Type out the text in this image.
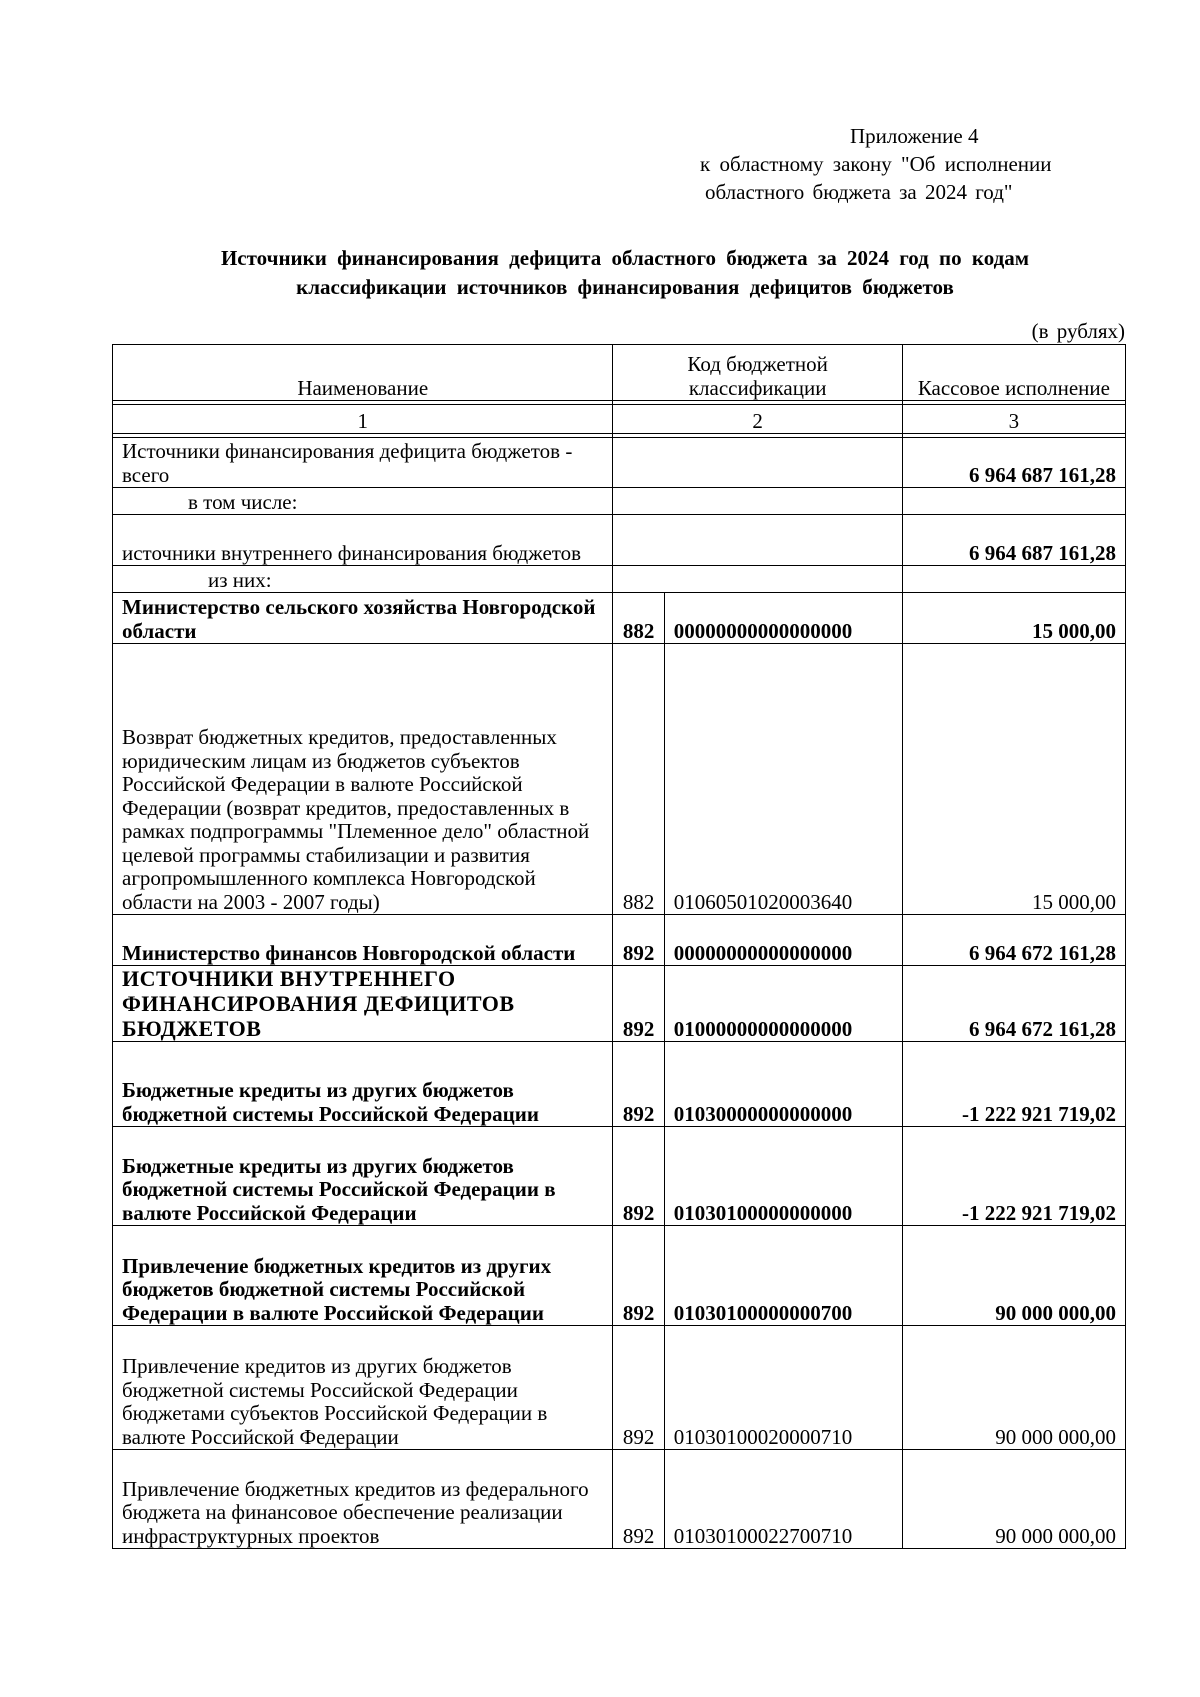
Приложение 4
к областному закону "Об исполнении
областного бюджета за 2024 год"
Источники финансирования дефицита областного бюджета за 2024 год по кодам
классификации источников финансирования дефицитов бюджетов
(в рублях)
Наименование	Код бюджетной классификации		Кассовое исполнение

1	2		3

Источники финансирования дефицита бюджетов - всего			6 964 687 161,28
в том числе:			
источники внутреннего финансирования бюджетов			6 964 687 161,28
из них:			
Министерство сельского хозяйства Новгородской области	882	00000000000000000	15 000,00
Возврат бюджетных кредитов, предоставленных юридическим лицам из бюджетов субъектов Российской Федерации в валюте Российской Федерации (возврат кредитов, предоставленных в рамках подпрограммы "Племенное дело" областной целевой программы стабилизации и развития агропромышленного комплекса Новгородской области на 2003 - 2007 годы)	882	01060501020003640	15 000,00
Министерство финансов Новгородской области	892	00000000000000000	6 964 672 161,28
ИСТОЧНИКИ ВНУТРЕННЕГО ФИНАНСИРОВАНИЯ ДЕФИЦИТОВ БЮДЖЕТОВ	892	01000000000000000	6 964 672 161,28
Бюджетные кредиты из других бюджетов бюджетной системы Российской Федерации	892	01030000000000000	-1 222 921 719,02
Бюджетные кредиты из других бюджетов бюджетной системы Российской Федерации в валюте Российской Федерации	892	01030100000000000	-1 222 921 719,02
Привлечение бюджетных кредитов из других бюджетов бюджетной системы Российской Федерации в валюте Российской Федерации	892	01030100000000700	90 000 000,00
Привлечение кредитов из других бюджетов бюджетной системы Российской Федерации бюджетами субъектов Российской Федерации в валюте Российской Федерации	892	01030100020000710	90 000 000,00
Привлечение бюджетных кредитов из федерального бюджета на финансовое обеспечение реализации инфраструктурных проектов	892	01030100022700710	90 000 000,00
